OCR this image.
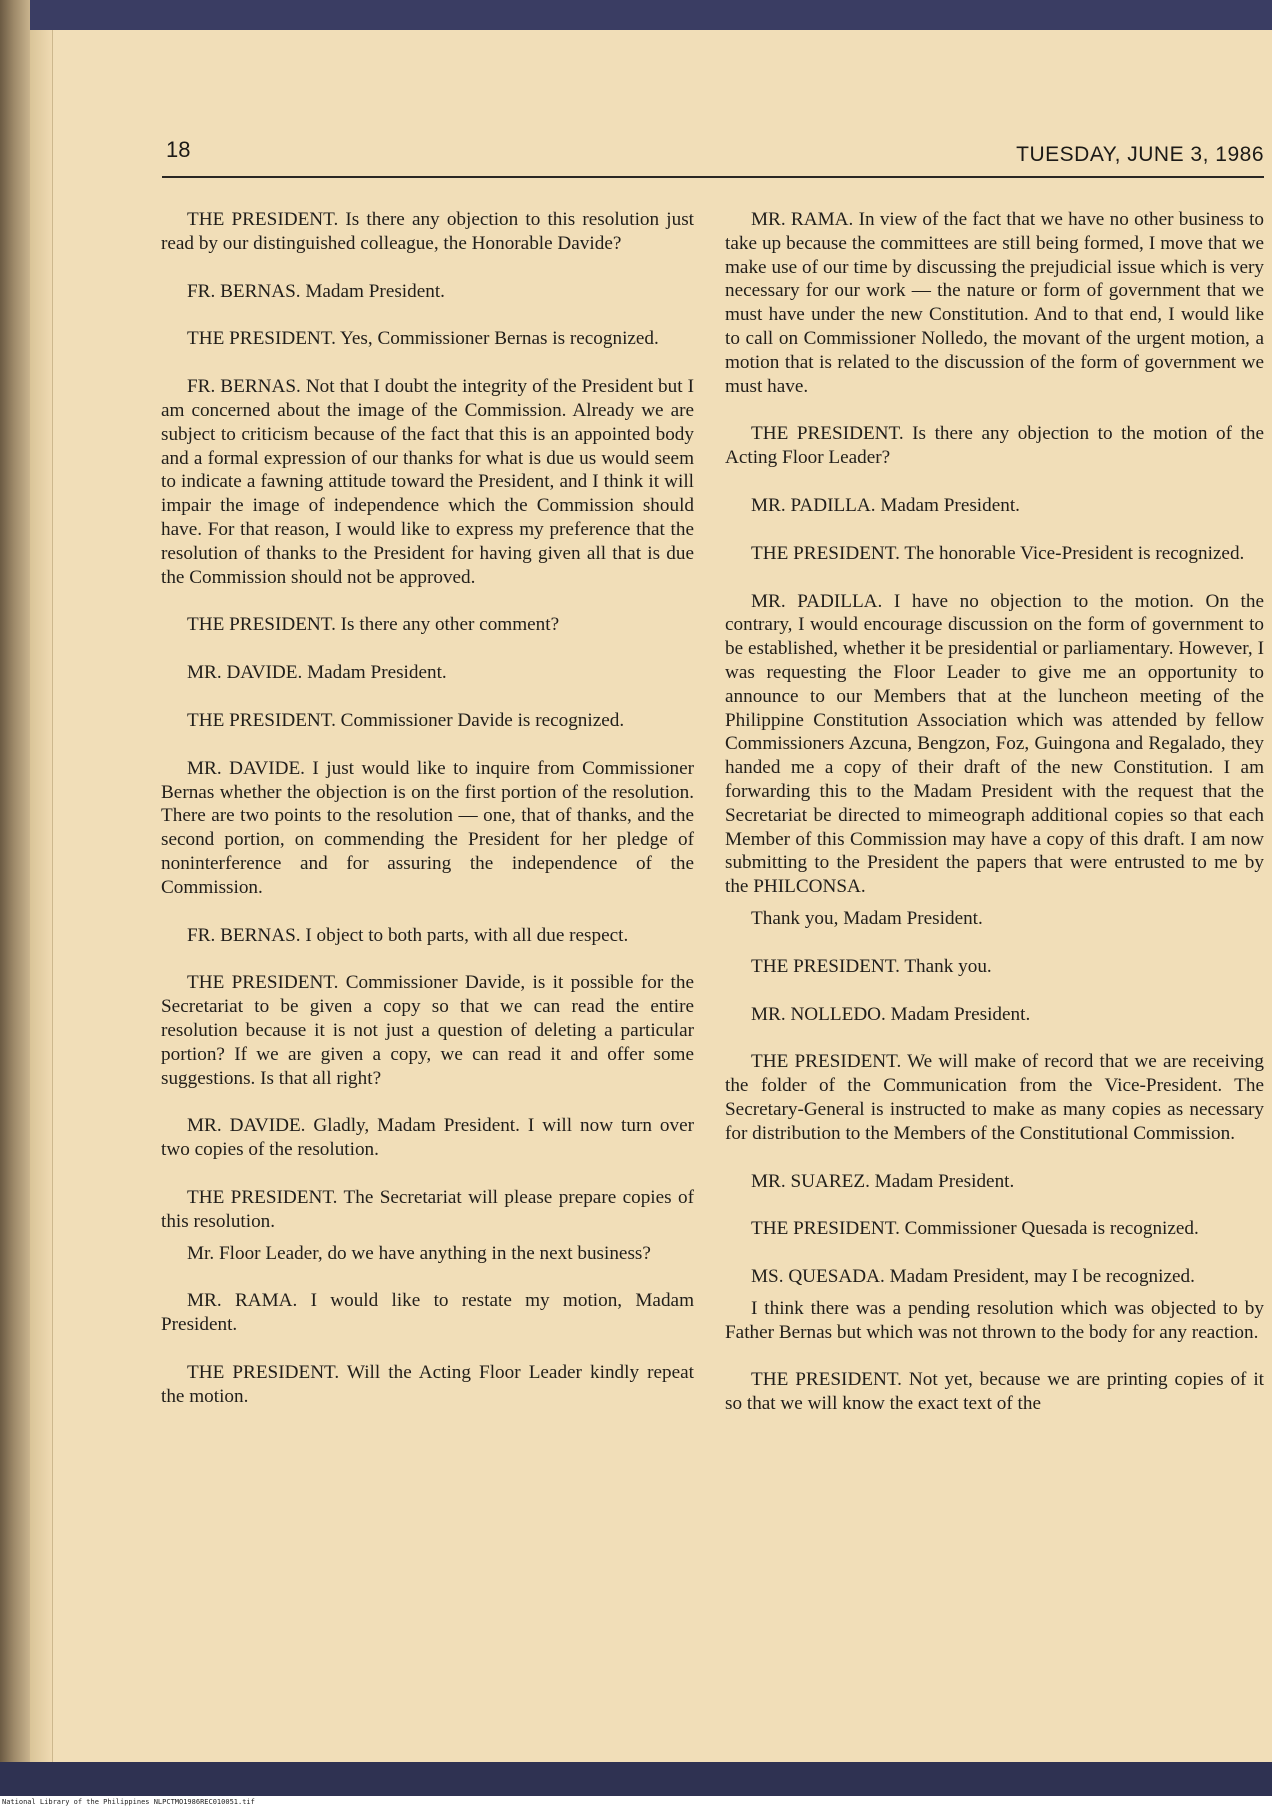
18	TUESDAY, JUNE 3, 1986

THE PRESIDENT. Is there any objection to this resolution just read by our distinguished colleague, the Honorable Davide?

FR. BERNAS. Madam President.

THE PRESIDENT. Yes, Commissioner Bernas is recognized.

FR. BERNAS. Not that I doubt the integrity of the President but I am concerned about the image of the Commission. Already we are subject to criticism because of the fact that this is an appointed body and a formal expression of our thanks for what is due us would seem to indicate a fawning attitude toward the President, and I think it will impair the image of independence which the Commission should have. For that reason, I would like to express my preference that the resolution of thanks to the President for having given all that is due the Commission should not be approved.

THE PRESIDENT. Is there any other comment?

MR. DAVIDE. Madam President.

THE PRESIDENT. Commissioner Davide is recognized.

MR. DAVIDE. I just would like to inquire from Commissioner Bernas whether the objection is on the first portion of the resolution. There are two points to the resolution — one, that of thanks, and the second portion, on commending the President for her pledge of noninterference and for assuring the independence of the Commission.

FR. BERNAS. I object to both parts, with all due respect.

THE PRESIDENT. Commissioner Davide, is it possible for the Secretariat to be given a copy so that we can read the entire resolution because it is not just a question of deleting a particular portion? If we are given a copy, we can read it and offer some suggestions. Is that all right?

MR. DAVIDE. Gladly, Madam President. I will now turn over two copies of the resolution.

THE PRESIDENT. The Secretariat will please prepare copies of this resolution.

Mr. Floor Leader, do we have anything in the next business?

MR. RAMA. I would like to restate my motion, Madam President.

THE PRESIDENT. Will the Acting Floor Leader kindly repeat the motion.

MR. RAMA. In view of the fact that we have no other business to take up because the committees are still being formed, I move that we make use of our time by discussing the prejudicial issue which is very necessary for our work — the nature or form of government that we must have under the new Constitution. And to that end, I would like to call on Commissioner Nolledo, the movant of the urgent motion, a motion that is related to the discussion of the form of government we must have.

THE PRESIDENT. Is there any objection to the motion of the Acting Floor Leader?

MR. PADILLA. Madam President.

THE PRESIDENT. The honorable Vice-President is recognized.

MR. PADILLA. I have no objection to the motion. On the contrary, I would encourage discussion on the form of government to be established, whether it be presidential or parliamentary. However, I was requesting the Floor Leader to give me an opportunity to announce to our Members that at the luncheon meeting of the Philippine Constitution Association which was attended by fellow Commissioners Azcuna, Bengzon, Foz, Guingona and Regalado, they handed me a copy of their draft of the new Constitution. I am forwarding this to the Madam President with the request that the Secretariat be directed to mimeograph additional copies so that each Member of this Commission may have a copy of this draft. I am now submitting to the President the papers that were entrusted to me by the PHILCONSA.

Thank you, Madam President.

THE PRESIDENT. Thank you.

MR. NOLLEDO. Madam President.

THE PRESIDENT. We will make of record that we are receiving the folder of the Communication from the Vice-President. The Secretary-General is instructed to make as many copies as necessary for distribution to the Members of the Constitutional Commission.

MR. SUAREZ. Madam President.

THE PRESIDENT. Commissioner Quesada is recognized.

MS. QUESADA. Madam President, may I be recognized.

I think there was a pending resolution which was objected to by Father Bernas but which was not thrown to the body for any reaction.

THE PRESIDENT. Not yet, because we are printing copies of it so that we will know the exact text of the

National Library of the Philippines NLPCTMO1986REC010051.tif
